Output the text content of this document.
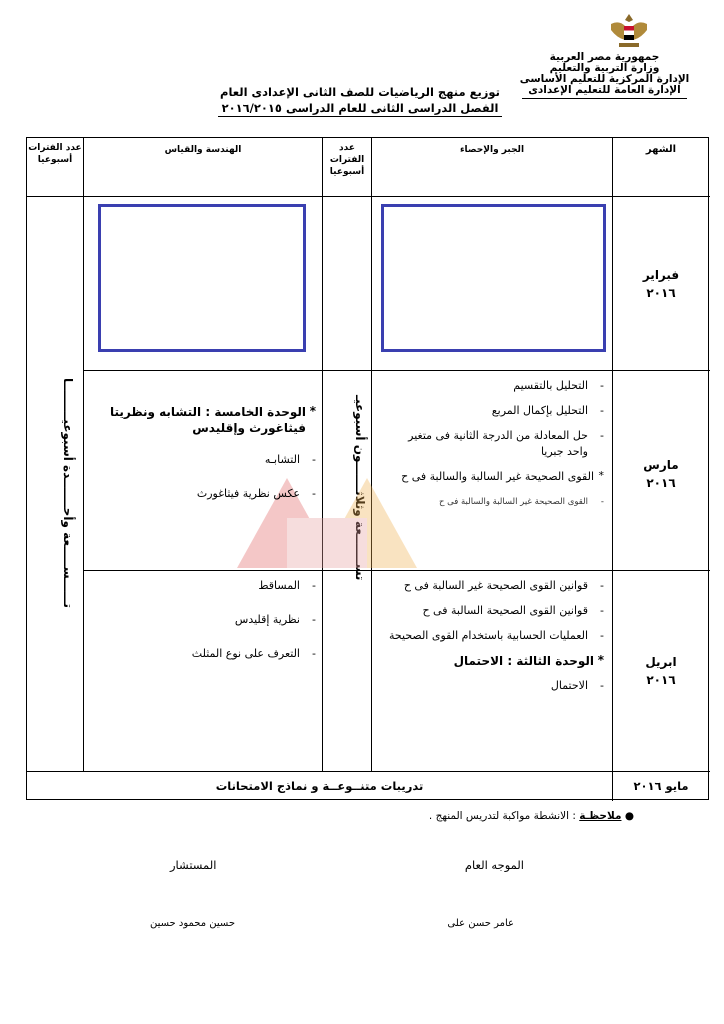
جمهورية مصر العربية
وزارة التربية والتعليم
الإدارة المركزية للتعليم الأساسى
الإدارة العامة للتعليم الإعدادى
توزيع منهج الرياضيات للصف الثانى الإعدادى العام
الفصل الدراسى الثانى للعام الدراسى ٢٠١٦/٢٠١٥
الشهر
الجبر والإحصاء
عدد الفترات أسبوعيا
الهندسة والقياس
عدد الفترات أسبوعيا
فبراير
٢٠١٦
مارس
٢٠١٦
ابريل
٢٠١٦
تســـــــعة وثلاثـــــــون أسبوعيـ
تــــــســـــعة وأحـــــــدة أسبوعيـــــــــا
-	التحليل بالتقسيم
- التحليل بإكمال المربع
- حل المعادلة من الدرجة الثانية فى متغير واحد جبريا
* القوى الصحيحة غير السالبة والسالبة فى ح
- القوى الصحيحة غير السالبة والسالبة فى ح
* الوحدة الخامسة : التشابه ونظريتا فيثاغورث وإقليدس
- التشابـه
- عكس نظرية فيثاغورث
- قوانين القوى الصحيحة غير السالبة فى ح
- قوانين القوى الصحيحة السالبة فى ح
- العمليات الحسابية باستخدام القوى الصحيحة
* الوحدة الثالثة : الاحتمال
- الاحتمال
- المساقط
- نظرية إقليدس
- التعرف على نوع المثلث
مايو ٢٠١٦
تدريبات متنــوعــة و نماذج الامتحانات
● ملاحظـة : الانشطة مواكبة لتدريس المنهج .
الموجه العام
عامر حسن على
المستشار
حسين محمود حسين
